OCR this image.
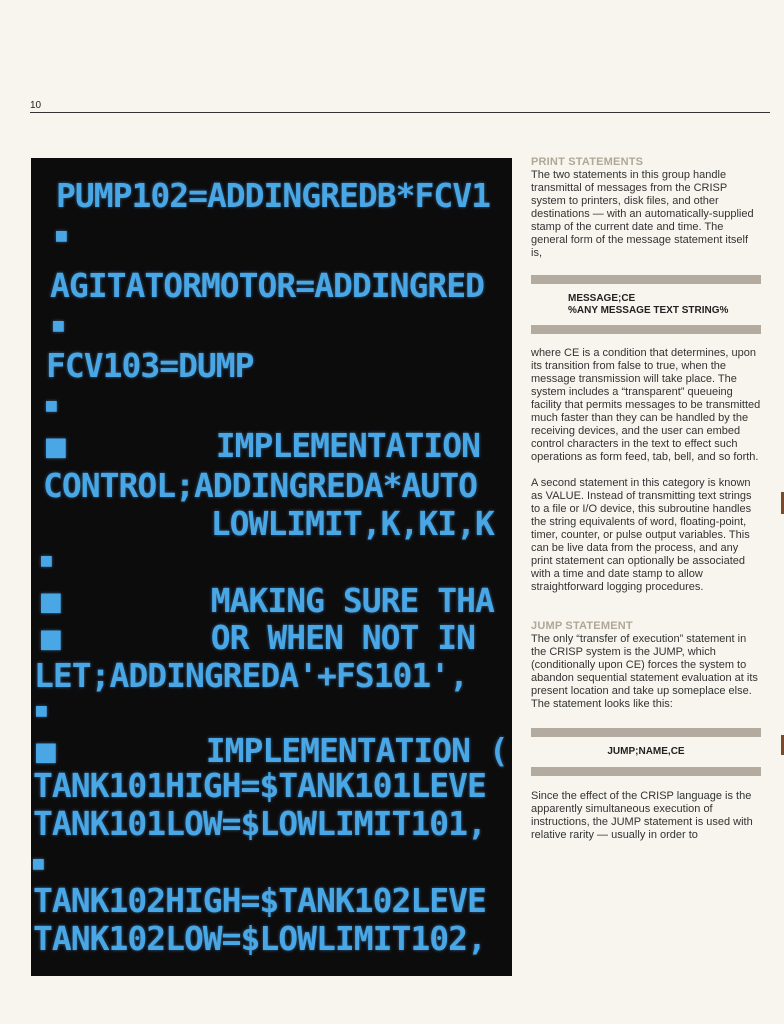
10
PUMP102=ADDINGREDB*FCV1
■
AGITATORMOTOR=ADDINGRED
■
FCV103=DUMP
■
■        IMPLEMENTATION
CONTROL;ADDINGREDA*AUTO
LOWLIMIT,K,KI,K
■
■        MAKING SURE THA
■        OR WHEN NOT IN
LET;ADDINGREDA'+FS101',
■
■        IMPLEMENTATION (
TANK101HIGH=$TANK101LEVE
TANK101LOW=$LOWLIMIT101,
■
TANK102HIGH=$TANK102LEVE
TANK102LOW=$LOWLIMIT102,
PRINT STATEMENTS

The two statements in this group handle transmittal of messages from the CRISP system to printers, disk files, and other destinations — with an automatically-supplied stamp of the current date and time. The general form of the message statement itself is,

MESSAGE;CE
%ANY MESSAGE TEXT STRING%

where CE is a condition that determines, upon its transition from false to true, when the message transmission will take place. The system includes a “transparent” queueing facility that permits messages to be transmitted much faster than they can be handled by the receiving devices, and the user can embed control characters in the text to effect such operations as form feed, tab, bell, and so forth.

A second statement in this category is known as VALUE. Instead of transmitting text strings to a file or I/O device, this subroutine handles the string equivalents of word, floating-point, timer, counter, or pulse output variables. This can be live data from the process, and any print statement can optionally be associated with a time and date stamp to allow straightforward logging procedures.

JUMP STATEMENT

The only “transfer of execution” statement in the CRISP system is the JUMP, which (conditionally upon CE) forces the system to abandon sequential statement evaluation at its present location and take up someplace else. The statement looks like this:

JUMP;NAME,CE

Since the effect of the CRISP language is the apparently simultaneous execution of instructions, the JUMP statement is used with relative rarity — usually in order to
